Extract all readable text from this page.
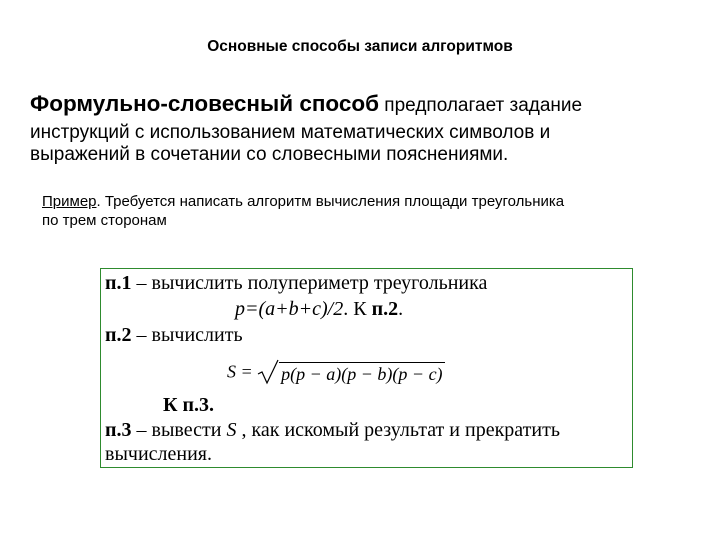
Основные способы записи алгоритмов
Формульно-словесный способ предполагает задание
инструкций с использованием математических символов и
выражений в сочетании со словесными пояснениями.
Пример. Требуется написать алгоритм вычисления площади треугольника
по трем сторонам
п.1 – вычислить полупериметр треугольника
p=(a+b+c)/2. К п.2.
п.2 – вычислить
S = p(p − a)(p − b)(p − c)
К п.3.
п.3 – вывести S , как искомый результат и прекратить
вычисления.
